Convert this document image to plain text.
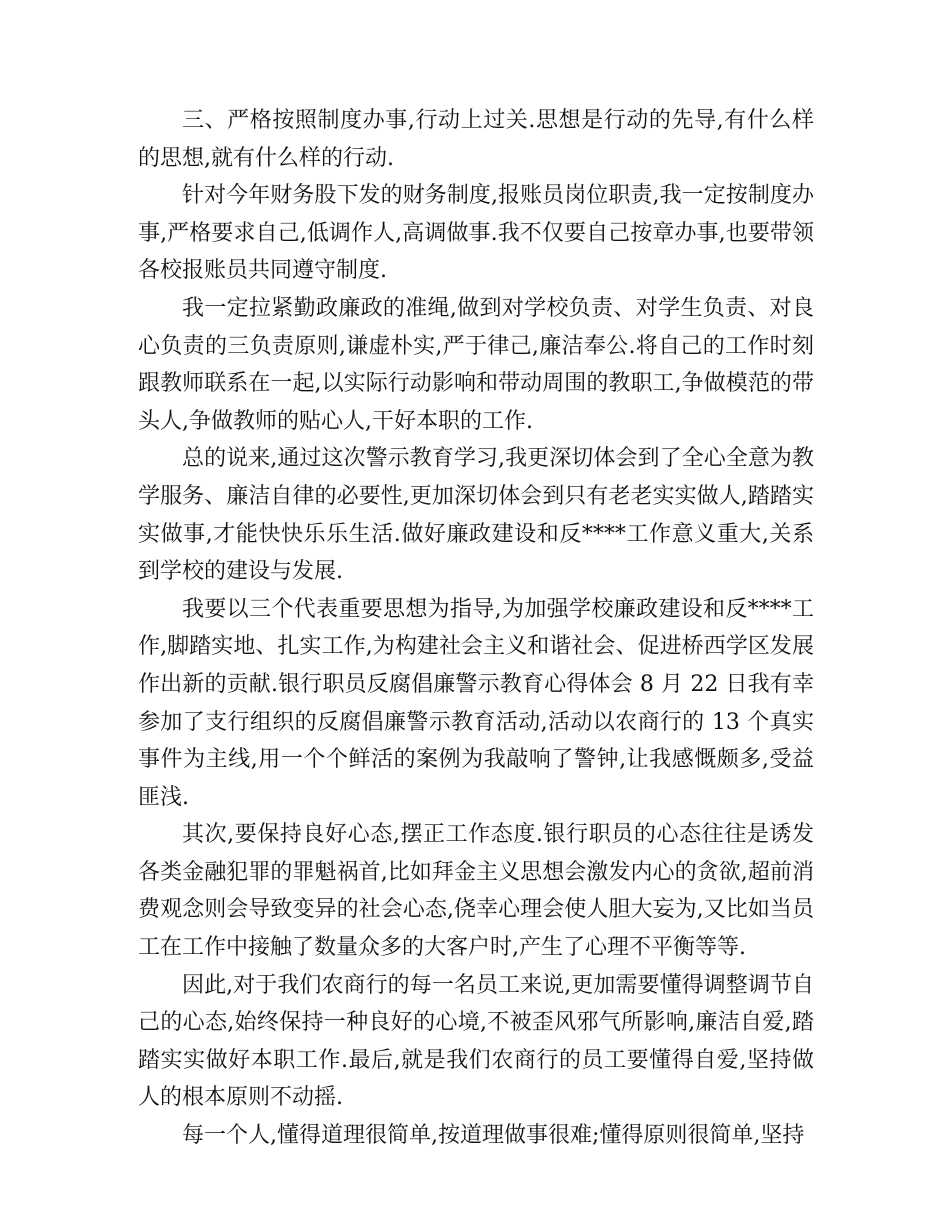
三、严格按照制度办事,行动上过关.思想是行动的先导,有什么样的思想,就有什么样的行动.

针对今年财务股下发的财务制度,报账员岗位职责,我一定按制度办事,严格要求自己,低调作人,高调做事.我不仅要自己按章办事,也要带领各校报账员共同遵守制度.

我一定拉紧勤政廉政的准绳,做到对学校负责、对学生负责、对良心负责的三负责原则,谦虚朴实,严于律己,廉洁奉公.将自己的工作时刻跟教师联系在一起,以实际行动影响和带动周围的教职工,争做模范的带头人,争做教师的贴心人,干好本职的工作.

总的说来,通过这次警示教育学习,我更深切体会到了全心全意为教学服务、廉洁自律的必要性,更加深切体会到只有老老实实做人,踏踏实实做事,才能快快乐乐生活.做好廉政建设和反****工作意义重大,关系到学校的建设与发展.

我要以三个代表重要思想为指导,为加强学校廉政建设和反****工作,脚踏实地、扎实工作,为构建社会主义和谐社会、促进桥西学区发展作出新的贡献.银行职员反腐倡廉警示教育心得体会 8 月 22 日我有幸参加了支行组织的反腐倡廉警示教育活动,活动以农商行的 13 个真实事件为主线,用一个个鲜活的案例为我敲响了警钟,让我感慨颇多,受益匪浅.

其次,要保持良好心态,摆正工作态度.银行职员的心态往往是诱发各类金融犯罪的罪魁祸首,比如拜金主义思想会激发内心的贪欲,超前消费观念则会导致变异的社会心态,侥幸心理会使人胆大妄为,又比如当员工在工作中接触了数量众多的大客户时,产生了心理不平衡等等.

因此,对于我们农商行的每一名员工来说,更加需要懂得调整调节自己的心态,始终保持一种良好的心境,不被歪风邪气所影响,廉洁自爱,踏踏实实做好本职工作.最后,就是我们农商行的员工要懂得自爱,坚持做人的根本原则不动摇.

每一个人,懂得道理很简单,按道理做事很难;懂得原则很简单,坚持
